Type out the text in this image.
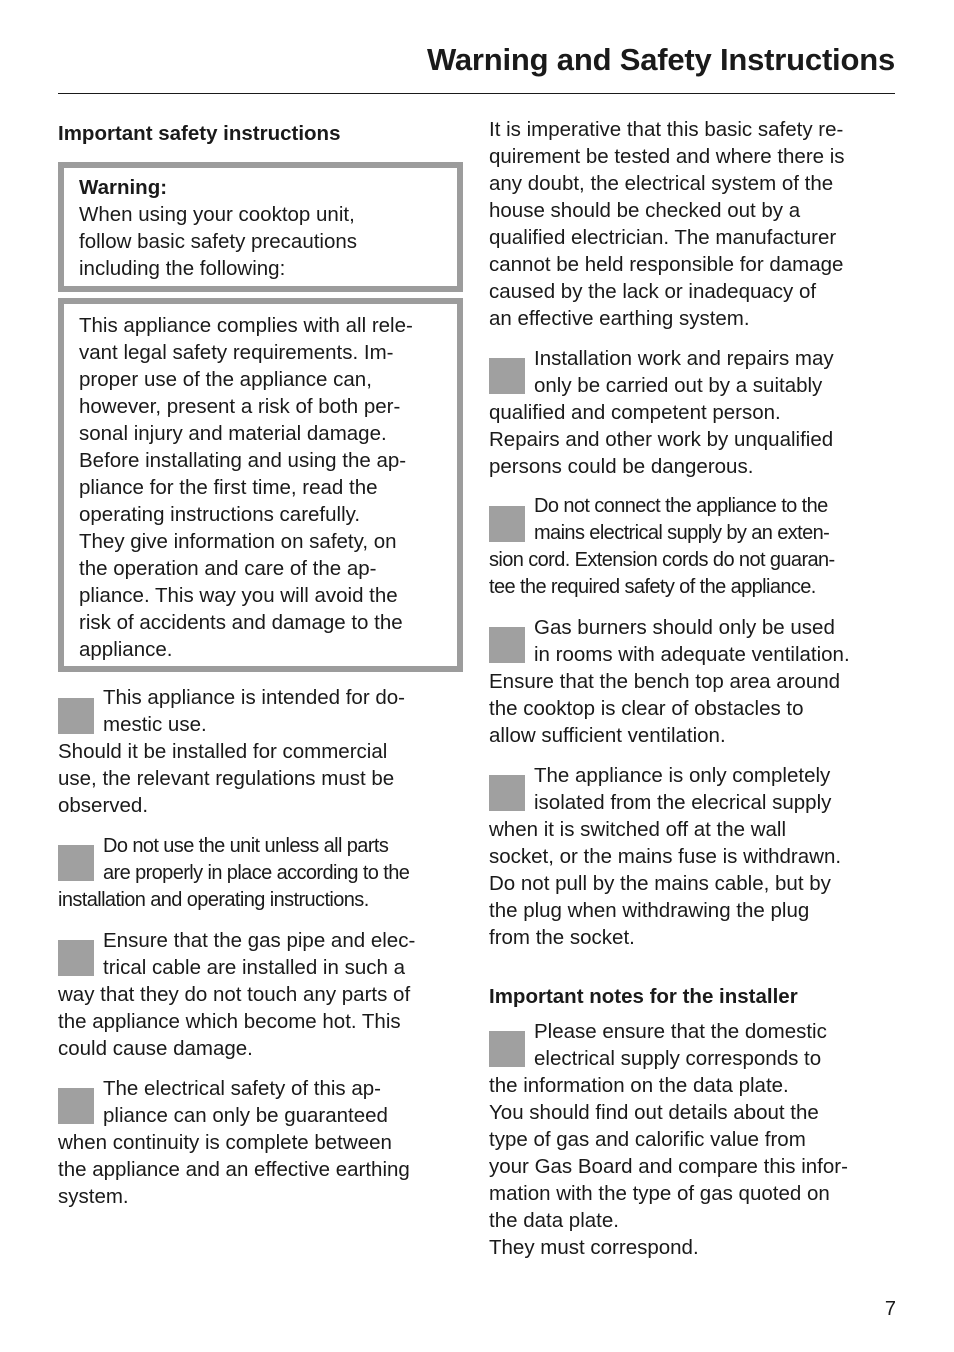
Warning and Safety Instructions
Important safety instructions
Warning:
When using your cooktop unit,
follow basic safety precautions
including the following:
This appliance complies with all rele-
vant legal safety requirements. Im-
proper use of the appliance can,
however, present a risk of both per-
sonal injury and material damage.
Before installating and using the ap-
pliance for the first time, read the
operating instructions carefully.
They give information on safety, on
the operation and care of the ap-
pliance. This way you will avoid the
risk of accidents and damage to the
appliance.
This appliance is intended for do-
mestic use.
Should it be installed for commercial
use, the relevant regulations must be
observed.
Do not use the unit unless all parts
are properly in place according to the
installation and operating instructions.
Ensure that the gas pipe and elec-
trical cable are installed in such a
way that they do not touch any parts of
the appliance which become hot. This
could cause damage.
The electrical safety of this ap-
pliance can only be guaranteed
when continuity is complete between
the appliance and an effective earthing
system.
It is imperative that this basic safety re-
quirement be tested and where there is
any doubt, the electrical system of the
house should be checked out by a
qualified electrician. The manufacturer
cannot be held responsible for damage
caused by the lack or inadequacy of
an effective earthing system.
Installation work and repairs may
only be carried out by a suitably
qualified and competent person.
Repairs and other work by unqualified
persons could be dangerous.
Do not connect the appliance to the
mains electrical supply by an exten-
sion cord. Extension cords do not guaran-
tee the required safety of the appliance.
Gas burners should only be used
in rooms with adequate ventilation.
Ensure that the bench top area around
the cooktop is clear of obstacles to
allow sufficient ventilation.
The appliance is only completely
isolated from the elecrical supply
when it is switched off at the wall
socket, or the mains fuse is withdrawn.
Do not pull by the mains cable, but by
the plug when withdrawing the plug
from the socket.
Important notes for the installer
Please ensure that the domestic
electrical supply corresponds to
the information on the data plate.
You should find out details about the
type of gas and calorific value from
your Gas Board and compare this infor-
mation with the type of gas quoted on
the data plate.
They must correspond.
7
